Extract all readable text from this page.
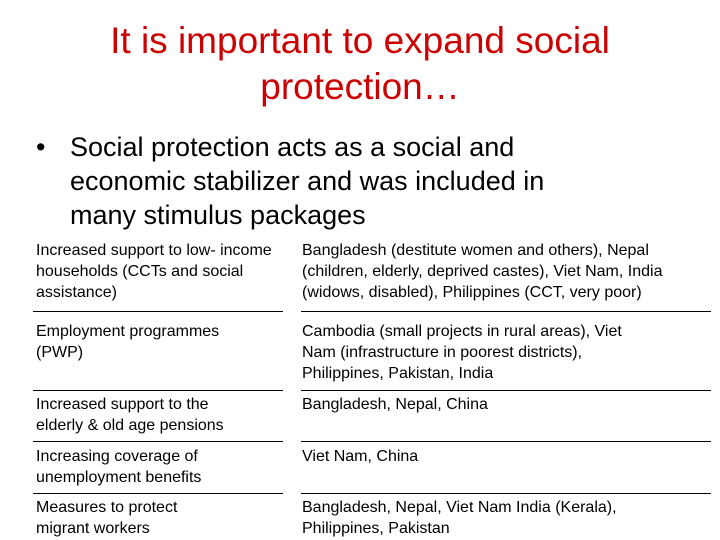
It is important to expand social
protection…
• Social protection acts as a social and
economic stabilizer and was included in
many stimulus packages
Increased support to low- income
households (CCTs and social
assistance)
Bangladesh (destitute women and others), Nepal
(children, elderly, deprived castes), Viet Nam, India
(widows, disabled), Philippines (CCT, very poor)
Employment programmes
(PWP)
Cambodia (small projects in rural areas), Viet
Nam (infrastructure in poorest districts),
Philippines, Pakistan, India
Increased support to the
elderly & old age pensions
Bangladesh, Nepal, China
Increasing coverage of
unemployment benefits
Viet Nam, China
Measures to protect
migrant workers
Bangladesh, Nepal, Viet Nam India (Kerala),
Philippines, Pakistan
